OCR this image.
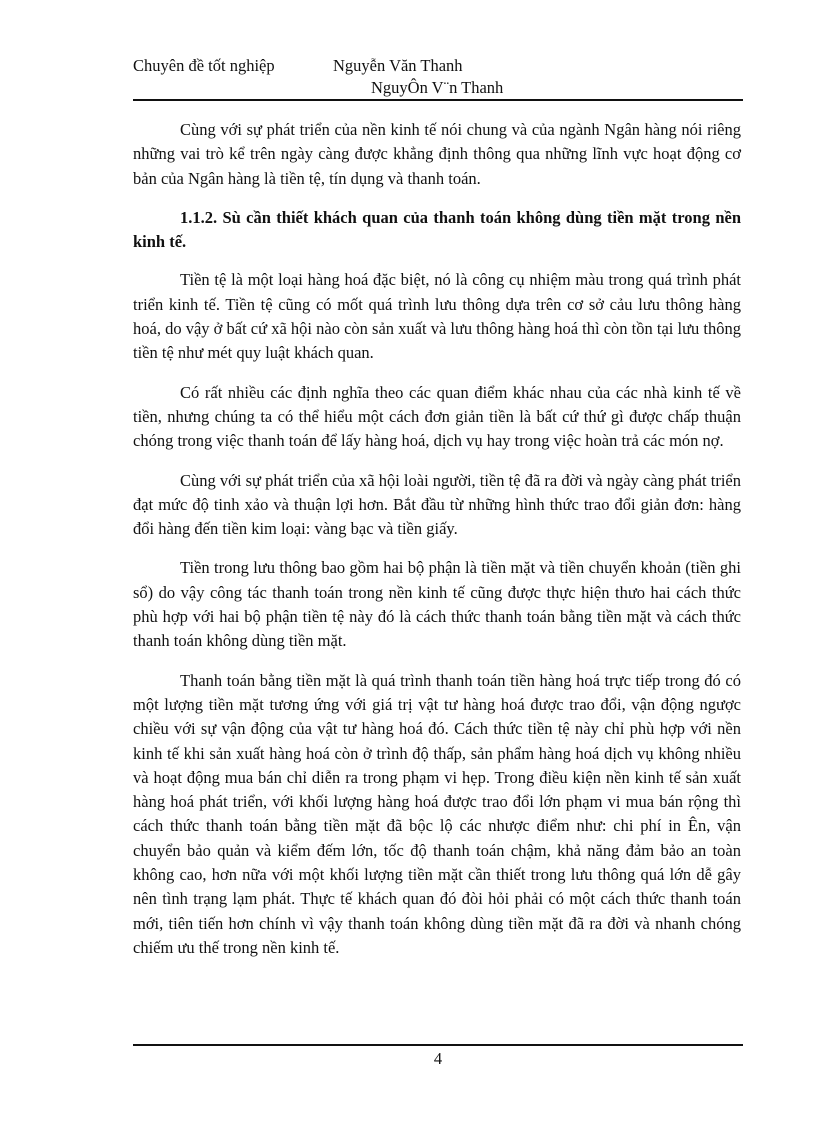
Chuyên đề tốt nghiệp	Nguyễn Văn Thanh
NguyÔn V¨n Thanh

Cùng với sự phát triển của nền kinh tế nói chung và của ngành Ngân hàng nói riêng những vai trò kể trên ngày càng được khẳng định thông qua những lĩnh vực hoạt động cơ bản của Ngân hàng là tiền tệ, tín dụng và thanh toán.

1.1.2. Sù cần thiết khách quan của thanh toán không dùng tiền mặt trong nền kinh tế.

Tiền tệ là một loại hàng hoá đặc biệt, nó là công cụ nhiệm màu trong quá trình phát triển kinh tế. Tiền tệ cũng có mốt quá trình lưu thông dựa trên cơ sở cảu lưu thông hàng hoá, do vậy ở bất cứ xã hội nào còn sản xuất và lưu thông hàng hoá thì còn tồn tại lưu thông tiền tệ như mét quy luật khách quan.

Có rất nhiều các định nghĩa theo các quan điểm khác nhau của các nhà kinh tế về tiền, nhưng chúng ta có thể hiểu một cách đơn giản tiền là bất cứ thứ gì được chấp thuận chóng trong việc thanh toán để lấy hàng hoá, dịch vụ hay trong việc hoàn trả các món nợ.

Cùng với sự phát triển của xã hội loài người, tiền tệ đã ra đời và ngày càng phát triển đạt mức độ tinh xảo và thuận lợi hơn. Bắt đầu từ những hình thức trao đổi giản đơn: hàng đổi hàng đến tiền kim loại: vàng bạc và tiền giấy.

Tiền trong lưu thông bao gồm hai bộ phận là tiền mặt và tiền chuyển khoản (tiền ghi sổ) do vậy công tác thanh toán trong nền kinh tế cũng được thực hiện thưo hai cách thức phù hợp với hai bộ phận tiền tệ này đó là cách thức thanh toán bằng tiền mặt và cách thức thanh toán không dùng tiền mặt.

Thanh toán bằng tiền mặt là quá trình thanh toán tiền hàng hoá trực tiếp trong đó có một lượng tiền mặt tương ứng với giá trị vật tư hàng hoá được trao đổi, vận động ngược chiều với sự vận động của vật tư hàng hoá đó. Cách thức tiền tệ này chỉ phù hợp với nền kinh tế khi sản xuất hàng hoá còn ở trình độ thấp, sản phẩm hàng hoá dịch vụ không nhiều và hoạt động mua bán chỉ diễn ra trong phạm vi hẹp. Trong điều kiện nền kinh tế sản xuất hàng hoá phát triển, với khối lượng hàng hoá được trao đổi lớn phạm vi mua bán rộng thì cách thức thanh toán bằng tiền mặt đã bộc lộ các nhược điểm như: chi phí in Ên, vận chuyển bảo quản và kiểm đếm lớn, tốc độ thanh toán chậm, khả năng đảm bảo an toàn không cao, hơn nữa với một khối lượng tiền mặt cần thiết trong lưu thông quá lớn dễ gây nên tình trạng lạm phát. Thực tế khách quan đó đòi hỏi phải có một cách thức thanh toán mới, tiên tiến hơn chính vì vậy thanh toán không dùng tiền mặt đã ra đời và nhanh chóng chiếm ưu thế trong nền kinh tế.

4
